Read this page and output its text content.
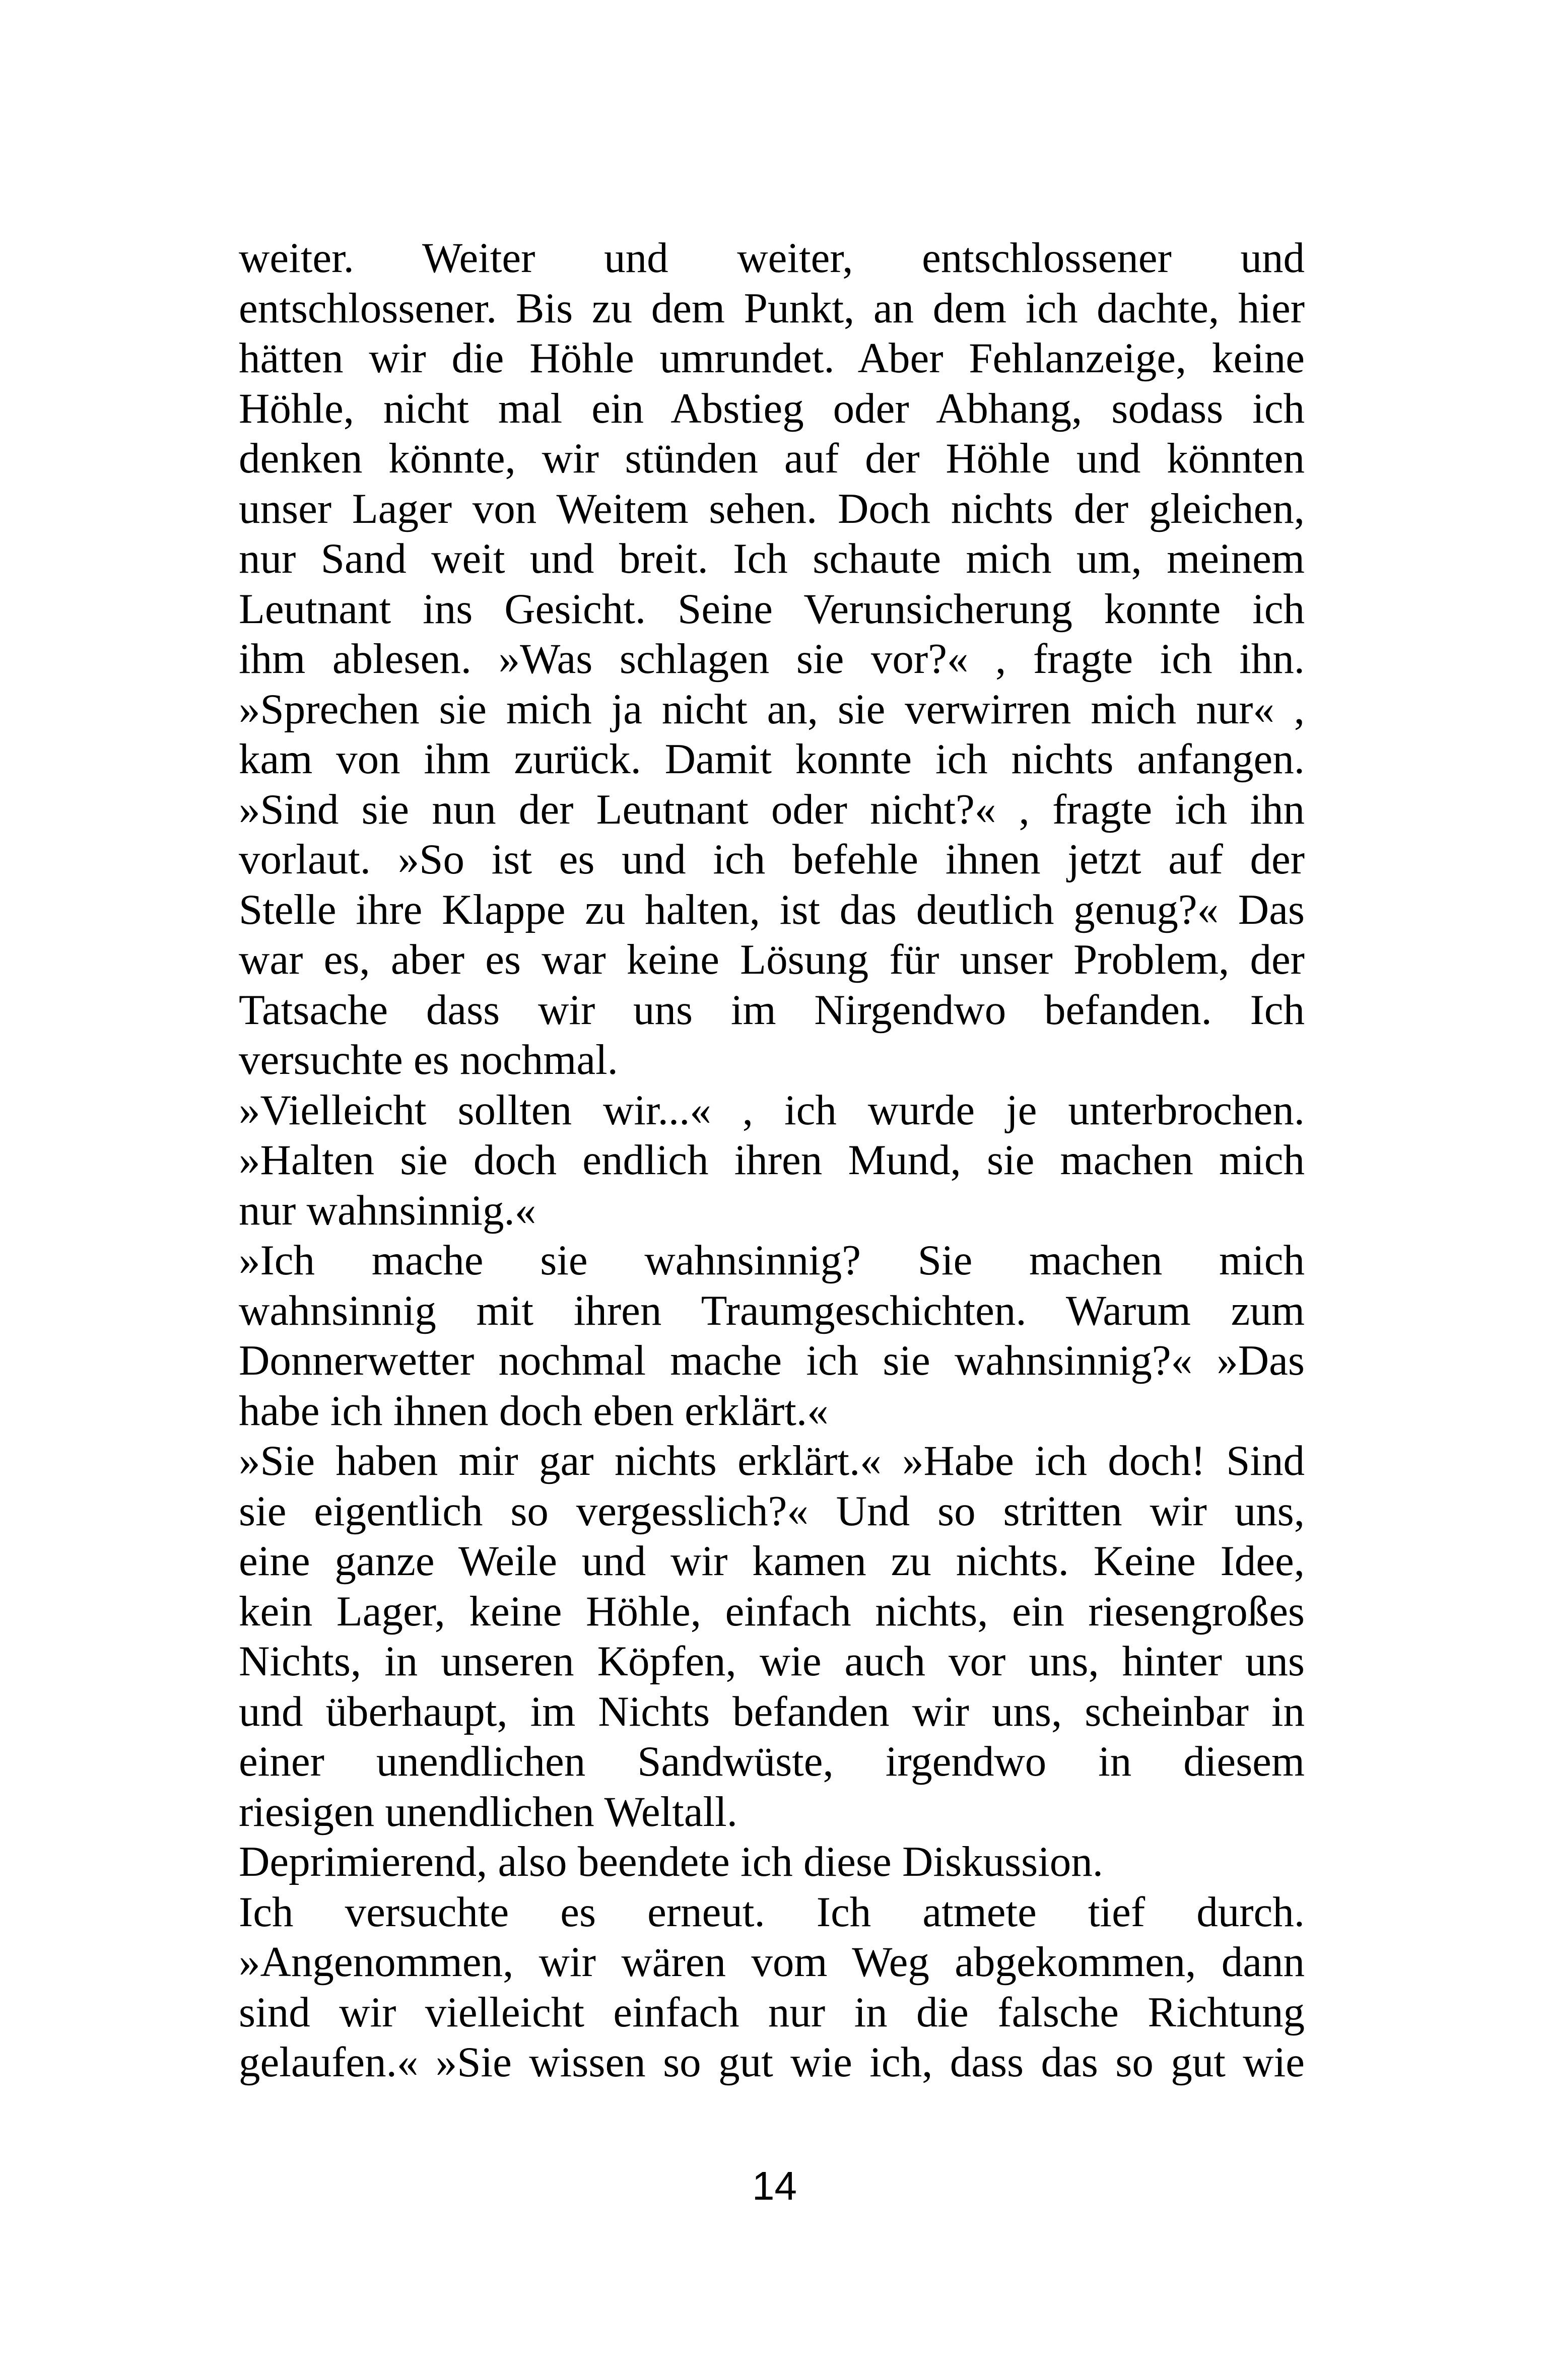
weiter. Weiter und weiter, entschlossener und
entschlossener. Bis zu dem Punkt, an dem ich dachte, hier
hätten wir die Höhle umrundet. Aber Fehlanzeige, keine
Höhle, nicht mal ein Abstieg oder Abhang, sodass ich
denken könnte, wir stünden auf der Höhle und könnten
unser Lager von Weitem sehen. Doch nichts der gleichen,
nur Sand weit und breit. Ich schaute mich um, meinem
Leutnant ins Gesicht. Seine Verunsicherung konnte ich
ihm ablesen. »Was schlagen sie vor?« , fragte ich ihn.
»Sprechen sie mich ja nicht an, sie verwirren mich nur« ,
kam von ihm zurück. Damit konnte ich nichts anfangen.
»Sind sie nun der Leutnant oder nicht?« , fragte ich ihn
vorlaut. »So ist es und ich befehle ihnen jetzt auf der
Stelle ihre Klappe zu halten, ist das deutlich genug?« Das
war es, aber es war keine Lösung für unser Problem, der
Tatsache dass wir uns im Nirgendwo befanden. Ich
versuchte es nochmal.
»Vielleicht sollten wir...« , ich wurde je unterbrochen.
»Halten sie doch endlich ihren Mund, sie machen mich
nur wahnsinnig.«
»Ich mache sie wahnsinnig? Sie machen mich
wahnsinnig mit ihren Traumgeschichten. Warum zum
Donnerwetter nochmal mache ich sie wahnsinnig?« »Das
habe ich ihnen doch eben erklärt.«
»Sie haben mir gar nichts erklärt.« »Habe ich doch! Sind
sie eigentlich so vergesslich?« Und so stritten wir uns,
eine ganze Weile und wir kamen zu nichts. Keine Idee,
kein Lager, keine Höhle, einfach nichts, ein riesengroßes
Nichts, in unseren Köpfen, wie auch vor uns, hinter uns
und überhaupt, im Nichts befanden wir uns, scheinbar in
einer unendlichen Sandwüste, irgendwo in diesem
riesigen unendlichen Weltall.
Deprimierend, also beendete ich diese Diskussion.
Ich versuchte es erneut. Ich atmete tief durch.
»Angenommen, wir wären vom Weg abgekommen, dann
sind wir vielleicht einfach nur in die falsche Richtung
gelaufen.« »Sie wissen so gut wie ich, dass das so gut wie
14
